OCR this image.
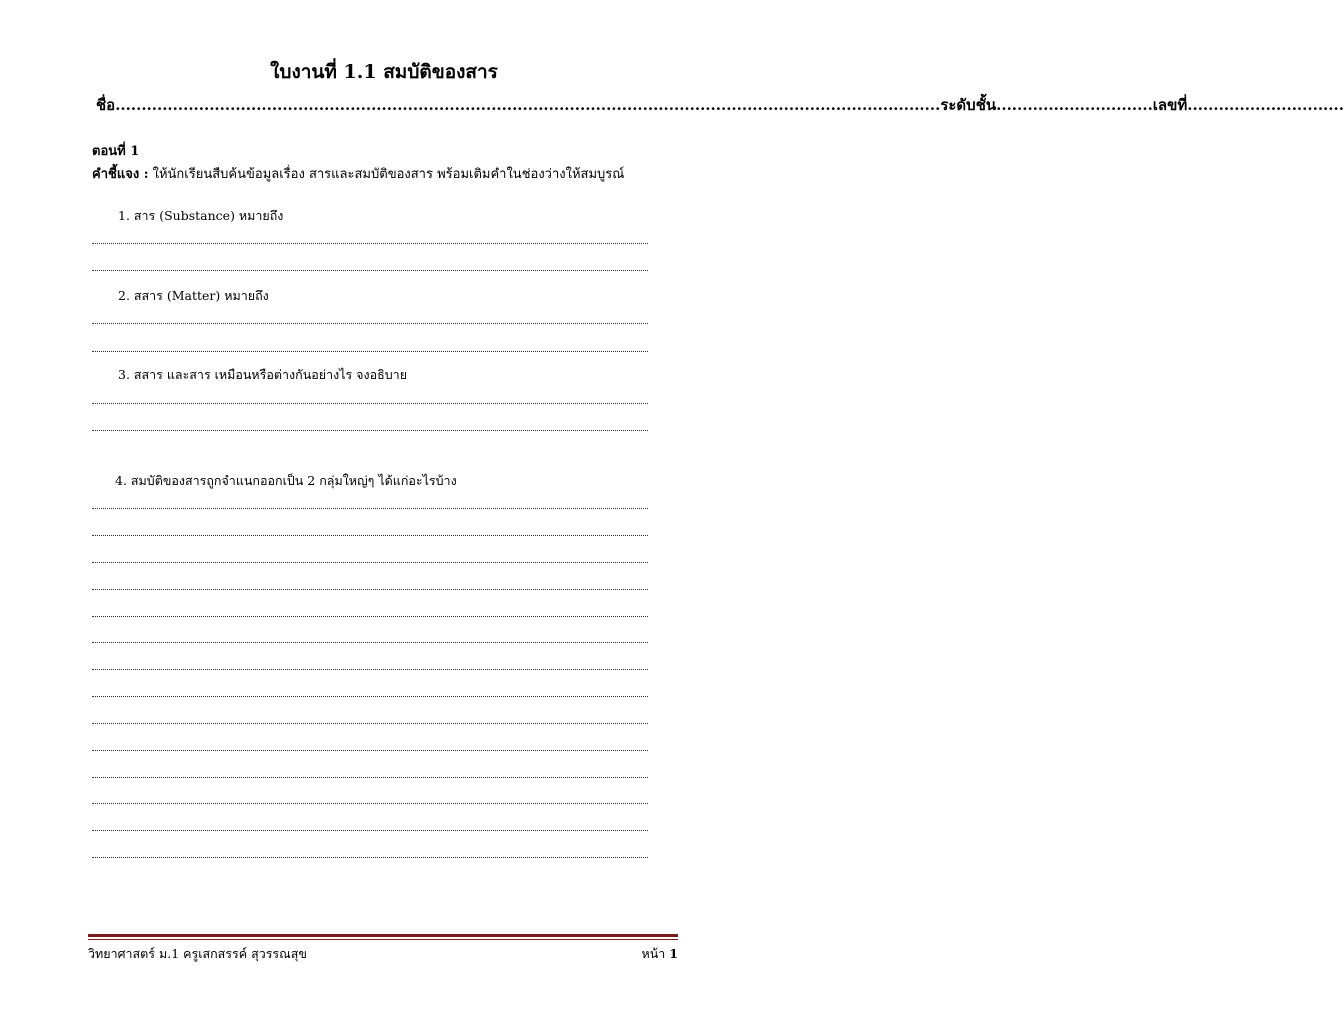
ใบงานที่ 1.1 สมบัติของสาร
ชื่อ .............................................................................................................................................................. ระดับชั้น .............................. เลขที่ ..............................
ตอนที่ 1
คำชี้แจง : ให้นักเรียนสืบค้นข้อมูลเรื่อง สารและสมบัติของสาร พร้อมเติมคำในช่องว่างให้สมบูรณ์
1. สาร (Substance) หมายถึง
2. สสาร (Matter) หมายถึง
3. สสาร และสาร เหมือนหรือต่างกันอย่างไร จงอธิบาย
4. สมบัติของสารถูกจำแนกออกเป็น 2 กลุ่มใหญ่ๆ ได้แก่อะไรบ้าง
วิทยาศาสตร์ ม.1 ครูเสกสรรค์ สุวรรณสุข	หน้า 1
